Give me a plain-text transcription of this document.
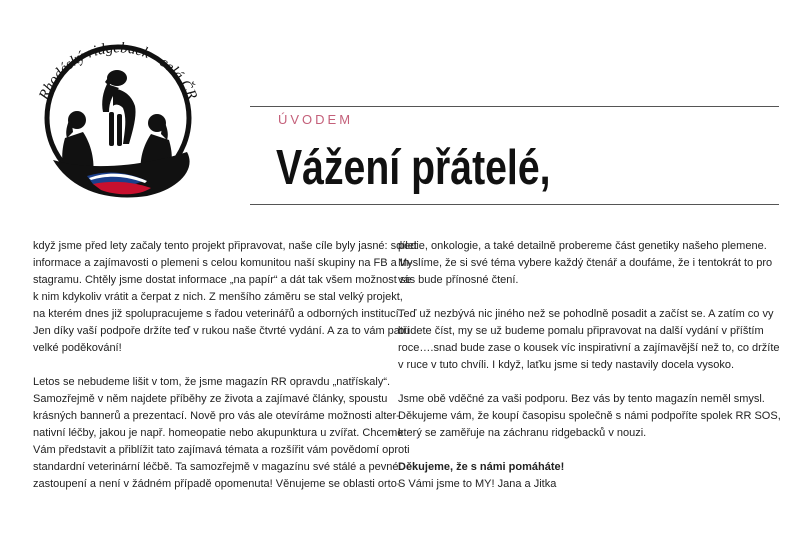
Rhodéský ridgeback - celá ČR
ÚVODEM
Vážení přátelé,

když jsme před lety začaly tento projekt připravovat, naše cíle byly jasné: sdílet
informace a zajímavosti o plemeni s celou komunitou naší skupiny na FB a In-
stagramu. Chtěly jsme dostat informace „na papír“ a dát tak všem možnost se
k nim kdykoliv vrátit a čerpat z nich. Z menšího záměru se stal velký projekt,
na kterém dnes již spolupracujeme s řadou veterinářů a odborných institucí.
Jen díky vaší podpoře držíte teď v rukou naše čtvrté vydání. A za to vám patří
velké poděkování!

Letos se nebudeme lišit v tom, že jsme magazín RR opravdu „natřískaly“.
Samozřejmě v něm najdete příběhy ze života a zajímavé články, spoustu
krásných bannerů a prezentací. Nově pro vás ale otevíráme možnosti alter-
nativní léčby, jakou je např. homeopatie nebo akupunktura u zvířat. Chceme
Vám představit a přiblížit tato zajímavá témata a rozšířit vám povědomí oproti
standardní veterinární léčbě. Ta samozřejmě v magazínu své stálé a pevné
zastoupení a není v žádném případě opomenuta! Věnujeme se oblasti orto-

pedie, onkologie, a také detailně probereme část genetiky našeho plemene.
Myslíme, že si své téma vybere každý čtenář a doufáme, že i tentokrát to pro
vás bude přínosné čtení.

Teď už nezbývá nic jiného než se pohodlně posadit a začíst se. A zatím co vy
budete číst, my se už budeme pomalu připravovat na další vydání v příštím
roce….snad bude zase o kousek víc inspirativní a zajímavější než to, co držíte
v ruce v tuto chvíli. I když, laťku jsme si tedy nastavily docela vysoko.

Jsme obě vděčné za vaši podporu. Bez vás by tento magazín neměl smysl.
Děkujeme vám, že koupí časopisu společně s námi podpoříte spolek RR SOS,
který se zaměřuje na záchranu ridgebacků v nouzi.

Děkujeme, že s námi pomáháte!
S Vámi jsme to MY! Jana a Jitka
